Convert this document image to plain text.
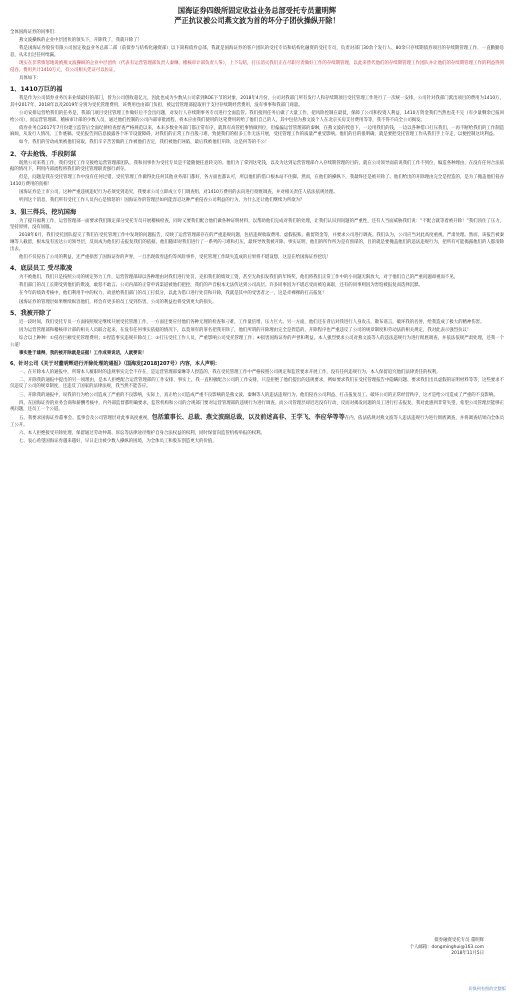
国海证券四级所固定收益业务总部受托专员董明辉
严正抗议被公司燕文波为首的坏分子团伙操纵开除！
全体国海证券的同事们：

燕文波操纵的企业中层团伙的领头下，开除我了，我就开除了！

我是国海证券股份有限公司固定收益业务总部二部（前债券与结构化融资部）以下简称债券总部，我就是国海证券的客户团队的受托专员和结构化融资的受托专员，负责对部门30余个发行人、80余只存续期债券项目的存续期管理工作，一直勤勤恳恳，从未出过任何纰漏。

现实在非常愤怒地说被燕文波操纵的企业中层团伙（代表有运营管理部负责人秦琳、稽核审计部负责人筝），上下勾结，打压消灭我们正在尽职尽责做好工作的存续期管理，以此来替代他们的存续期管理工作团队并让他们的存续期管理工作的利益得到侵吞。费用共计1410万元，有公司相关凭证可以佐证。

具体如下：

1、1410万巨的福

我是作为公司债券业务历来业绩最好的部门，曾为公司创收超亿元，因此也成为少数从公司拿到ROE下节的对象，2018年4月份，公司对我部门所有发行人和存续期项目受托管理工作进行了一次统一安排，公司针对我部门派出项目的费用为1410万，其中2017年、2018年以及2019年分别为受托管理费用，该费用也由部门负担，被运营管理部提取用于支付存续期经营费用，没有事事和我部门商量。

公司安排运营给我们的任务是，我部门项目受托管理工作做好后不会出问题，对发行人存续期事务专员进行全面监管。我们接到任务后做了大量工作，把风险控制在最低，保障了公司和投资人利益，1410万资金我们当然也花不完（有少量剩余已报回给公司），而运营管理部、稽核审计部的少数人员，通过他们控制的公司内部审批流程，将本应由我们使用的这笔费用转给了他们自己的人，其中包括为燕文波个人在北京买房支付费用等等，我不得不向全公司揭发。

债券业务自2017年7月份建立监管后全面纪律检查督查严格规范以来，本来多数业务部门都正常有序，就算有高管把事情做到位，但偏偏运营管理部的秦琳，在燕文波的授意下，一边用我们的钱，一边以各种借口打压我们，一再不断给我们的工作制造麻烦，从发行人情况、工作底稿、受托报告到信息披露各个环节设置障碍，对我们的正常工作百般刁难，致使我们的很多工作无法开展，受托管理工作的质量严重受影响。他们的目的很明确，就是要把受托管理工作从我们手上夺走，以便控制这块利益。

如今，我们的劳动成果被他们窃取，我们辛辛苦苦做的工作被他们否定，我们被他们诬陷，最后我被他们开除，这是何等的不公！

2、夺去抢钱、手段阴谋

既然公司来我工作，我们受托工作交接给运营管理部团队，我和同事作为受托专员是不能随便任意转交的。他们为了拿到这笔钱，以及为达到运营管理部介入存续期管理的目的，就在公司领导面前说我们工作不到位，编造各种理由，在没有任何合法依据的情况下，利用内部流程将我们的受托管理职责强行剥夺。

但是，问题是我在受托管理工作中没有任何过错，受托管理工作做得比任何其他业务部门都好，各方面也都认可，所以他们的借口根本站不住脚。然而，在他们的操纵下，我最终还是被开除了。他们给出的开除理由完全是捏造的，是为了掩盖他们侵吞1410万费用的真相！

国海证券是上市公司，这种严重违规违纪行为必须受到追究，我要求公司立即成立专门调查组，对1410万费用的去向进行彻底调查，并对相关责任人依法依规处理。

听到这个消息，我们所有受托工作人员内心是愤怒的！国海证券的管理层如何能容忍这种严重侵吞公司利益的行为，为什么还让他们继续为所欲为？

3、狙三得兵、挖坑国海

为了提升福利工作，运营管理部一面要求我们限定部分受托专员开展稽核检查，同时又要我们配合他们做各种证明材料，以帮助他们完成对我们的处理，让我们认识到问题的严重性，还有人当面威胁我们说：“不配合就等着被开除！”我们顶住了压力，坚持原则，没有屈服。

2018年6月，我们受托团队提交了我们在受托管理工作中发现的问题报告，反映了运营管理部存在的严重违规问题，包括违规收取费用、虚假报账、截留资金等，并要求公司进行调查。我们认为，公司应当对此高度重视，严肃处理。然而，该报告被秦琳等人截留，根本没有送达公司领导层，反而成为他们打击报复我们的依据，他们随即对我们进行了一系列的刁难和打压，最终导致我被开除。事实证明，他们的所作所为是有预谋的，目的就是要掩盖他们的违法违规行为，把所有可能揭露他们的人都清除出去。

他们不仅侵吞了公司的利益，还严重损害了国海证券的声誉，一旦出现债券违约等风险事件，受托管理工作缺失造成的后果将不堪设想，这是在给国海证券挖坑！

4、底层员工 受尽欺凌

为不被他们，我们只是按照公司的规定努力工作，运营管理部却以各种理由对我们进行处罚，克扣我们的绩效工资，甚至无故扣发我们的年终奖，他们将我们正常工作中的小问题无限放大，对于他们自己的严重问题却视而不见。

我们部门的员工长期受到他们的欺凌，敢怒不敢言。公司内部的正常申诉渠道被他们把控，我们的声音根本无法传达到公司高层。许多同事因为不堪忍受而被迫离职，还有的同事则因为害怕被报复而选择沉默。

在今年的绩效考核中，他们利用手中的权力，故意给我们部门的员工打低分，以此为借口进行处罚和开除，我就是其中的受害者之一，这是赤裸裸的打击报复！

国海证券的管理层如果继续纵容他们，将会有更多的员工受到伤害，公司的利益也将受到更大的损失。

5、我被开除了

近一段时间，我们受托专员一方面按照规定继续开展受托管理工作，一方面还要应付他们各种无理的检查和刁难，工作量倍增，压力巨大。另一方面，他们还在背后对我进行人身攻击，散布谣言，破坏我的名誉，给我造成了极大的精神伤害。

因为运营管理部和稽核审计部的相关人员联合起来，在没有任何事实依据的情况下，以莫须有的罪名把我开除了，他们所谓的开除理由完全是捏造的，开除程序也严重违反了公司的规章制度和劳动法的相关规定，我对此表示强烈抗议！

综合以上种种：①侵吞巨额受托管理费用；②捏造事实违规开除员工；③打压受托工作人员，严重影响公司受托管理工作；④损害国海证券的声誉和利益。本人强烈要求公司对燕文波等人的违法违规行为进行彻底调查，并依法依规严肃处理，还我一个公道！

事实胜于雄辩，我的被开除就是证据！工作成果说话，人就要说！

6、针对公司《关于对董明辉进行开除处理的通报》（国海发[2018]207号）内容，本人声明：

一、在开除本人的通报中，所谓本人履职时的违规事实完全不存在，是运营管理部秦琳等人捏造的，我在受托管理工作中严格按照公司规定和监管要求开展工作，没有任何违规行为，本人保留追究他们法律责任的权利。

二、开除我的通报中提出的另一项理由，是本人拒绝配合运营管理部的工作安排，事实上，我一直积极配合公司的工作安排，只是拒绝了他们提出的违规要求，例如要求我们在受托管理报告中隐瞒问题、要求我们出具虚假的证明材料等等，这些要求不仅违反了公司的规章制度，还违反了国家的法律法规，我当然不能答应。

三、开除我的通报中，说我的行为给公司造成了严重的不良影响，实际上，真正给公司造成严重不良影响的是燕文波、秦琳等人的违法违规行为，他们侵吞公司利益、打击报复员工、破坏公司的正常经营秩序，这才是给公司造成了严重的不良影响。

四、在国海证券的业务会商和薪酬考核中，内外部监督都明确要求，监管机构和公司的合规部门要对运营管理部的违规行为进行调查，而公司管理层却迟迟没有行动，反而对揭发问题的员工进行打击报复，我对此感到非常失望，希望公司管理层能够正视问题，还员工一个公道。

五、我要求国海证券董事会、监事会及公司管理层对此事高度重视，包括董事长、总裁、燕文波副总裁，以及前述高非、王学飞、李应华等等在内，依法依规对燕文波等人违法违规行为进行彻底调查，并将调查结果向全体员工公开。

六、本人拒绝接受开除处理，保留通过劳动仲裁、诉讼等法律途径维护自身合法权益的权利，同时保留向监管机构举报的权利。

七、衷心希望国海证券越来越好，早日走出被少数人操纵的困境，为全体员工和股东创造更大的价值。

债券融资受托专员 董明辉
个人邮箱：dongminghui@163.com
2018年11月5日
切换到有图的完整版
